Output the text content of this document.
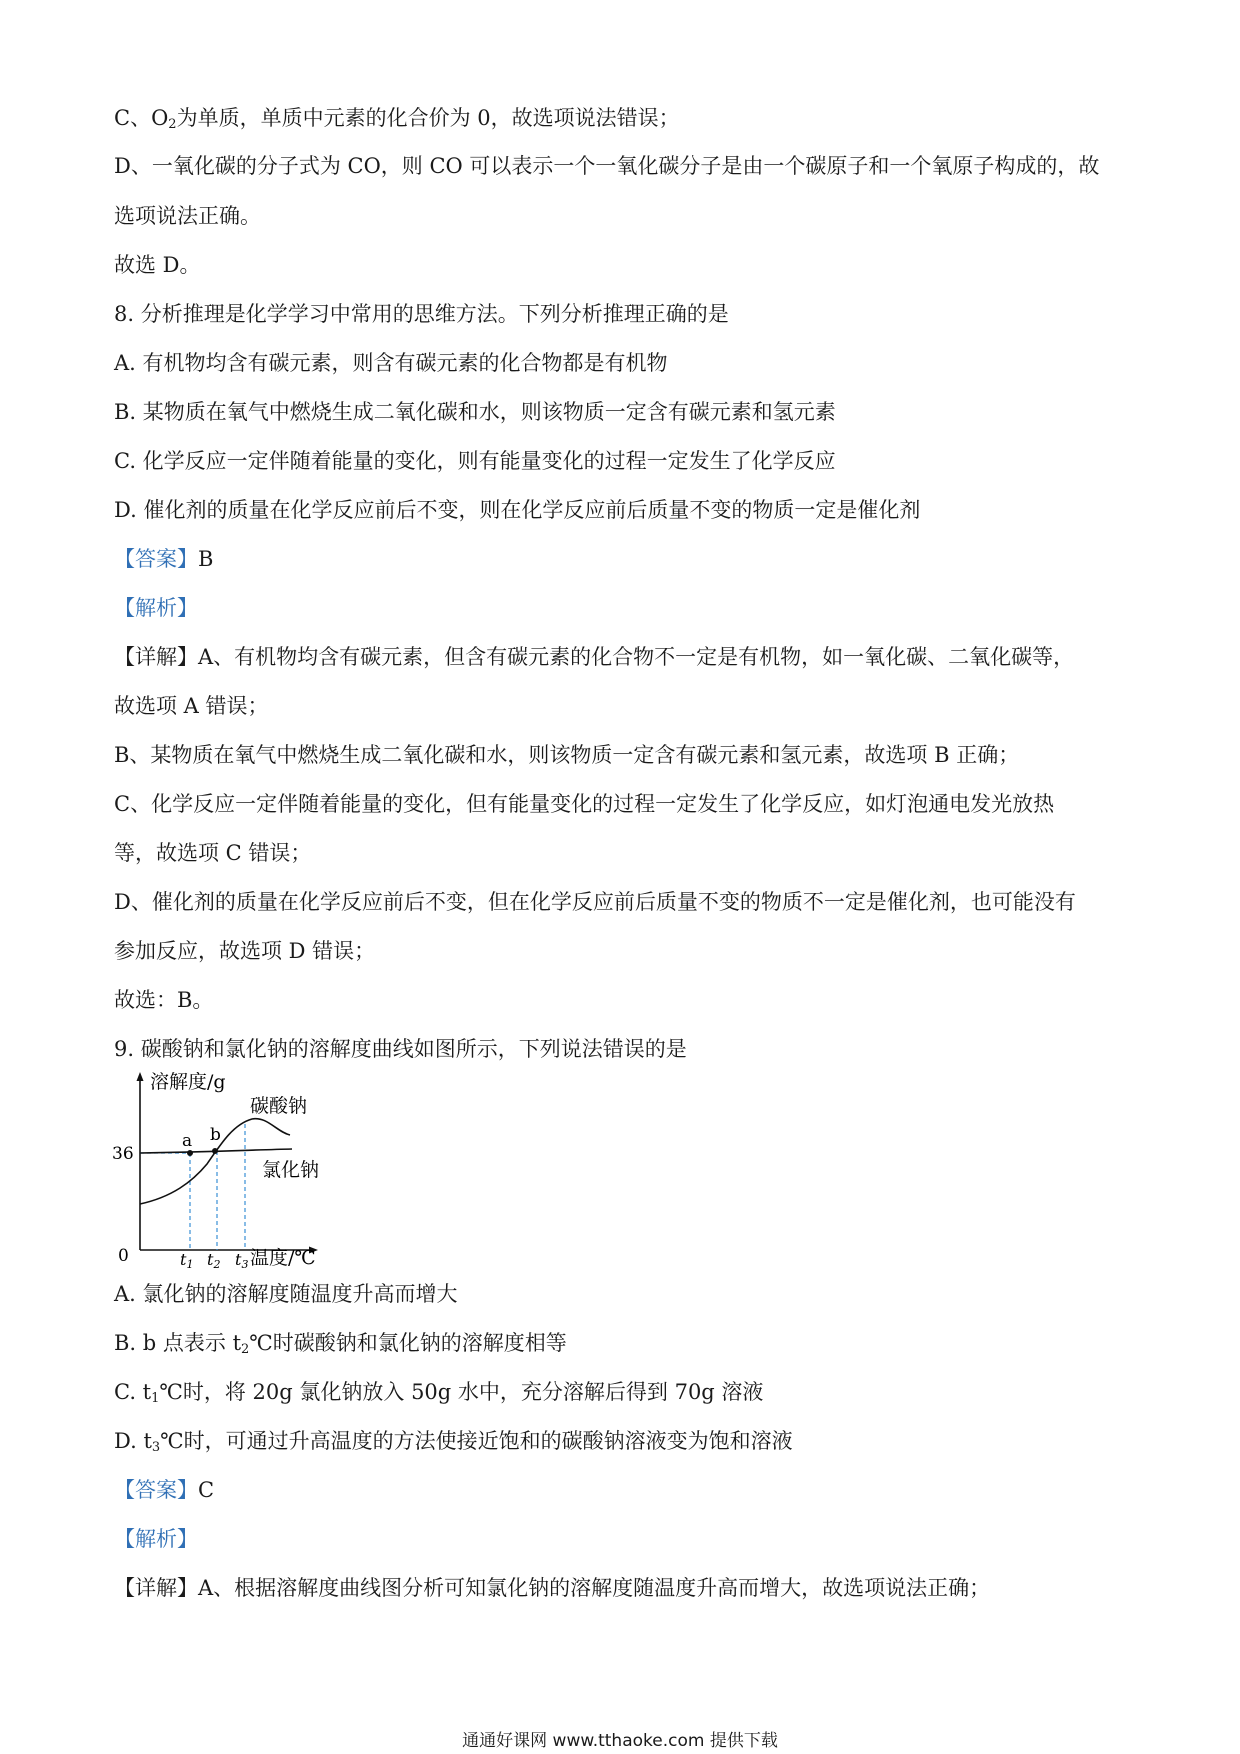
C、$O_2$为单质，单质中元素的化合价为 0，故选项说法错误；
D、一氧化碳的分子式为 CO，则 CO 可以表示一个一氧化碳分子是由一个碳原子和一个氧原子构成的，故
选项说法正确。
故选 D。
8. 分析推理是化学学习中常用的思维方法。下列分析推理正确的是
A. 有机物均含有碳元素，则含有碳元素的化合物都是有机物
B. 某物质在氧气中燃烧生成二氧化碳和水，则该物质一定含有碳元素和氢元素
C. 化学反应一定伴随着能量的变化，则有能量变化的过程一定发生了化学反应
D. 催化剂的质量在化学反应前后不变，则在化学反应前后质量不变的物质一定是催化剂
【答案】B
【解析】
【详解】A、有机物均含有碳元素，但含有碳元素的化合物不一定是有机物，如一氧化碳、二氧化碳等，
故选项 A 错误；
B、某物质在氧气中燃烧生成二氧化碳和水，则该物质一定含有碳元素和氢元素，故选项 B 正确；
C、化学反应一定伴随着能量的变化，但有能量变化的过程一定发生了化学反应，如灯泡通电发光放热
等，故选项 C 错误；
D、催化剂的质量在化学反应前后不变，但在化学反应前后质量不变的物质不一定是催化剂，也可能没有
参加反应，故选项 D 错误；
故选：B。
9. 碳酸钠和氯化钠的溶解度曲线如图所示，下列说法错误的是
A. 氯化钠的溶解度随温度升高而增大
B. b 点表示 $t_2℃$时碳酸钠和氯化钠的溶解度相等
C. $t_1℃$时，将 20g 氯化钠放入 50g 水中，充分溶解后得到 70g 溶液
D. $t_3℃$时，可通过升高温度的方法使接近饱和的碳酸钠溶液变为饱和溶液
【答案】C
【解析】
【详解】A、根据溶解度曲线图分析可知氯化钠的溶解度随温度升高而增大，故选项说法正确；
溶解度/g
温度/℃
0
36
t1 t2 t3
a b
碳酸钠
氯化钠
通通好课网 www.tthaoke.com 提供下载
